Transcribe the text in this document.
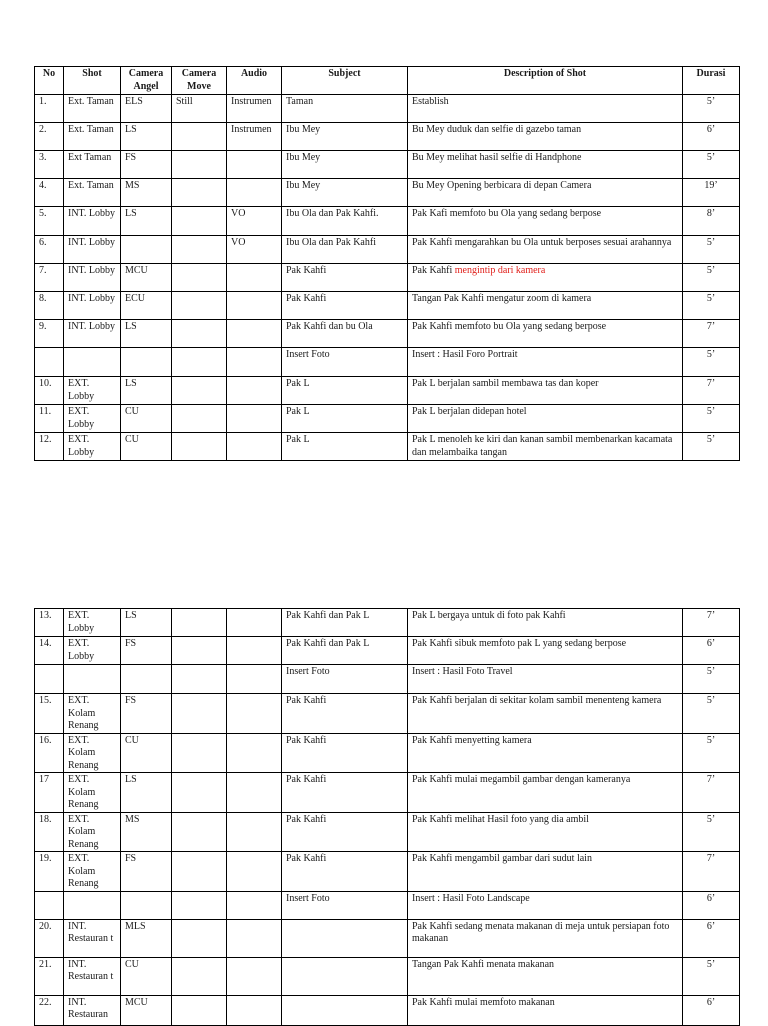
No	Shot	Camera Angel	Camera Move	Audio	Subject	Description of Shot	Durasi
1.	Ext. Taman	ELS	Still	Instrumen	Taman	Establish	5’
2.	Ext. Taman	LS		Instrumen	Ibu Mey	Bu Mey duduk dan selfie di gazebo taman	6’
3.	Ext Taman	FS			Ibu Mey	Bu Mey melihat hasil selfie di Handphone	5’
4.	Ext. Taman	MS			Ibu Mey	Bu Mey Opening berbicara di depan Camera	19’
5.	INT. Lobby	LS		VO	Ibu Ola dan Pak Kahfi.	Pak Kafi memfoto bu Ola yang sedang berpose	8’
6.	INT. Lobby			VO	Ibu Ola dan Pak Kahfi	Pak Kahfi mengarahkan bu Ola untuk berposes sesuai arahannya	5’
7.	INT. Lobby	MCU			Pak Kahfi	Pak Kahfi mengintip dari kamera	5’
8.	INT. Lobby	ECU			Pak Kahfi	Tangan Pak Kahfi mengatur zoom di kamera	5’
9.	INT. Lobby	LS			Pak Kahfi dan bu Ola	Pak Kahfi memfoto bu Ola yang sedang berpose	7’
					Insert Foto	Insert : Hasil Foro Portrait	5’
10.	EXT. Lobby	LS			Pak L	Pak L berjalan sambil membawa tas dan koper	7’
11.	EXT. Lobby	CU			Pak L	Pak L berjalan didepan hotel	5’
12.	EXT. Lobby	CU			Pak L	Pak L menoleh ke kiri dan kanan sambil membenarkan kacamata dan melambaika tangan	5’
13.	EXT. Lobby	LS			Pak Kahfi dan Pak L	Pak L bergaya untuk di foto pak Kahfi	7’
14.	EXT. Lobby	FS			Pak Kahfi dan Pak L	Pak Kahfi sibuk memfoto pak L yang sedang berpose	6’
					Insert Foto	Insert : Hasil Foto Travel	5’
15.	EXT. Kolam Renang	FS			Pak Kahfi	Pak Kahfi berjalan di sekitar kolam sambil menenteng kamera	5’
16.	EXT. Kolam Renang	CU			Pak Kahfi	Pak Kahfi menyetting kamera	5’
17	EXT. Kolam Renang	LS			Pak Kahfi	Pak Kahfi mulai megambil gambar dengan kameranya	7’
18.	EXT. Kolam Renang	MS			Pak Kahfi	Pak Kahfi melihat Hasil foto yang dia ambil	5’
19.	EXT. Kolam Renang	FS			Pak Kahfi	Pak Kahfi mengambil gambar dari sudut lain	7’
					Insert Foto	Insert : Hasil Foto Landscape	6’
20.	INT. Restauran t	MLS				Pak Kahfi sedang menata makanan di meja untuk persiapan foto makanan	6’
21.	INT. Restauran t	CU				Tangan Pak Kahfi menata makanan	5’
22.	INT. Restauran	MCU				Pak Kahfi mulai memfoto makanan	6’
